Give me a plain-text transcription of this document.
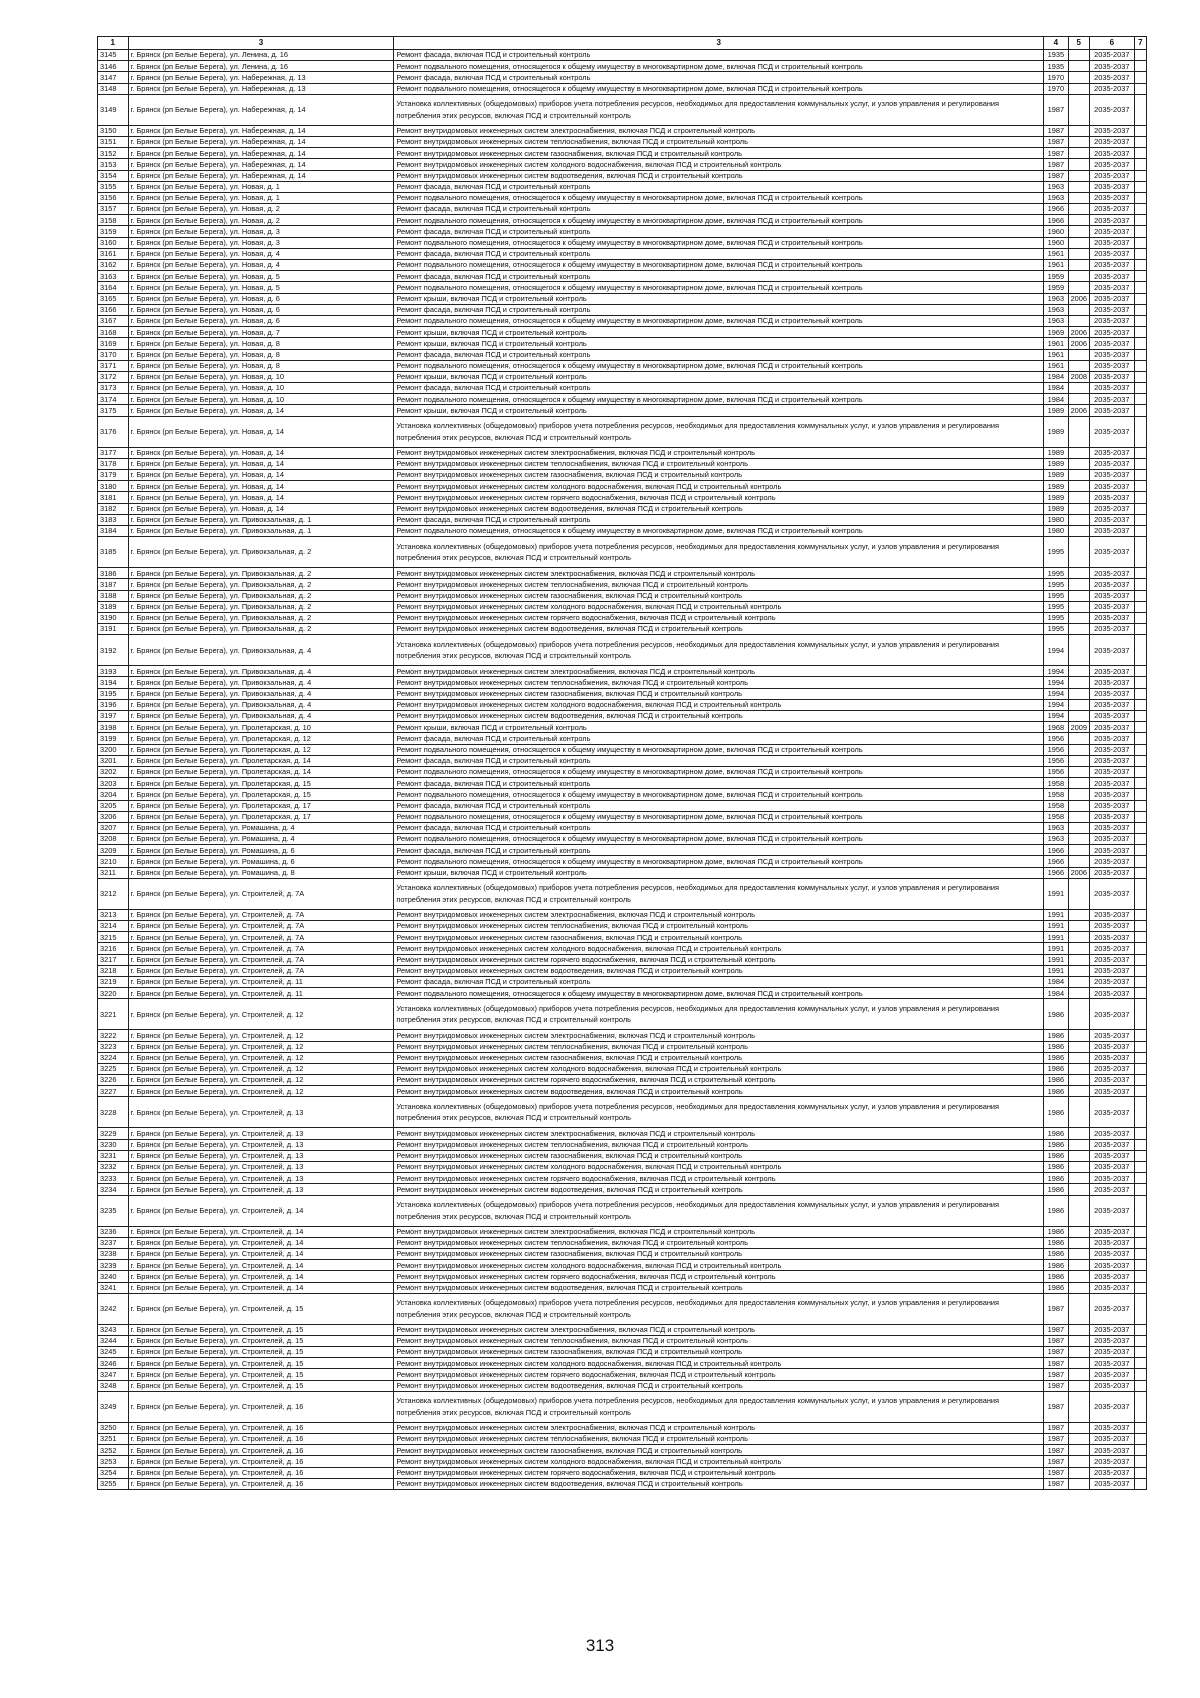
1	3	3	4	5	6	7
3145	г. Брянск (рп Белые Берега), ул. Ленина, д. 16	Ремонт фасада, включая ПСД и строительный контроль	1935		2035-2037	
3146	г. Брянск (рп Белые Берега), ул. Ленина, д. 16	Ремонт подвального помещения, относящегося к общему имуществу в многоквартирном доме, включая ПСД и строительный контроль	1935		2035-2037	
3147	г. Брянск (рп Белые Берега), ул. Набережная, д. 13	Ремонт фасада, включая ПСД и строительный контроль	1970		2035-2037	
3148	г. Брянск (рп Белые Берега), ул. Набережная, д. 13	Ремонт подвального помещения, относящегося к общему имуществу в многоквартирном доме, включая ПСД и строительный контроль	1970		2035-2037	
3149	г. Брянск (рп Белые Берега), ул. Набережная, д. 14	Установка коллективных (общедомовых) приборов учета потребления ресурсов, необходимых для предоставления коммунальных услуг, и узлов управления и регулирования потребления этих ресурсов, включая ПСД и строительный контроль	1987		2035-2037	
3150	г. Брянск (рп Белые Берега), ул. Набережная, д. 14	Ремонт внутридомовых инженерных систем электроснабжения, включая ПСД и строительный контроль	1987		2035-2037	
3151	г. Брянск (рп Белые Берега), ул. Набережная, д. 14	Ремонт внутридомовых инженерных систем теплоснабжения, включая ПСД и строительный контроль	1987		2035-2037	
3152	г. Брянск (рп Белые Берега), ул. Набережная, д. 14	Ремонт внутридомовых инженерных систем газоснабжения, включая ПСД и строительный контроль	1987		2035-2037	
3153	г. Брянск (рп Белые Берега), ул. Набережная, д. 14	Ремонт внутридомовых инженерных систем холодного водоснабжения, включая ПСД и строительный контроль	1987		2035-2037	
3154	г. Брянск (рп Белые Берега), ул. Набережная, д. 14	Ремонт внутридомовых инженерных систем водоотведения, включая ПСД и строительный контроль	1987		2035-2037	
3155	г. Брянск (рп Белые Берега), ул. Новая, д. 1	Ремонт фасада, включая ПСД и строительный контроль	1963		2035-2037	
3156	г. Брянск (рп Белые Берега), ул. Новая, д. 1	Ремонт подвального помещения, относящегося к общему имуществу в многоквартирном доме, включая ПСД и строительный контроль	1963		2035-2037	
3157	г. Брянск (рп Белые Берега), ул. Новая, д. 2	Ремонт фасада, включая ПСД и строительный контроль	1966		2035-2037	
3158	г. Брянск (рп Белые Берега), ул. Новая, д. 2	Ремонт подвального помещения, относящегося к общему имуществу в многоквартирном доме, включая ПСД и строительный контроль	1966		2035-2037	
3159	г. Брянск (рп Белые Берега), ул. Новая, д. 3	Ремонт фасада, включая ПСД и строительный контроль	1960		2035-2037	
3160	г. Брянск (рп Белые Берега), ул. Новая, д. 3	Ремонт подвального помещения, относящегося к общему имуществу в многоквартирном доме, включая ПСД и строительный контроль	1960		2035-2037	
3161	г. Брянск (рп Белые Берега), ул. Новая, д. 4	Ремонт фасада, включая ПСД и строительный контроль	1961		2035-2037	
3162	г. Брянск (рп Белые Берега), ул. Новая, д. 4	Ремонт подвального помещения, относящегося к общему имуществу в многоквартирном доме, включая ПСД и строительный контроль	1961		2035-2037	
3163	г. Брянск (рп Белые Берега), ул. Новая, д. 5	Ремонт фасада, включая ПСД и строительный контроль	1959		2035-2037	
3164	г. Брянск (рп Белые Берега), ул. Новая, д. 5	Ремонт подвального помещения, относящегося к общему имуществу в многоквартирном доме, включая ПСД и строительный контроль	1959		2035-2037	
3165	г. Брянск (рп Белые Берега), ул. Новая, д. 6	Ремонт крыши, включая ПСД и строительный контроль	1963	2006	2035-2037	
3166	г. Брянск (рп Белые Берега), ул. Новая, д. 6	Ремонт фасада, включая ПСД и строительный контроль	1963		2035-2037	
3167	г. Брянск (рп Белые Берега), ул. Новая, д. 6	Ремонт подвального помещения, относящегося к общему имуществу в многоквартирном доме, включая ПСД и строительный контроль	1963		2035-2037	
3168	г. Брянск (рп Белые Берега), ул. Новая, д. 7	Ремонт крыши, включая ПСД и строительный контроль	1969	2006	2035-2037	
3169	г. Брянск (рп Белые Берега), ул. Новая, д. 8	Ремонт крыши, включая ПСД и строительный контроль	1961	2006	2035-2037	
3170	г. Брянск (рп Белые Берега), ул. Новая, д. 8	Ремонт фасада, включая ПСД и строительный контроль	1961		2035-2037	
3171	г. Брянск (рп Белые Берега), ул. Новая, д. 8	Ремонт подвального помещения, относящегося к общему имуществу в многоквартирном доме, включая ПСД и строительный контроль	1961		2035-2037	
3172	г. Брянск (рп Белые Берега), ул. Новая, д. 10	Ремонт крыши, включая ПСД и строительный контроль	1984	2008	2035-2037	
3173	г. Брянск (рп Белые Берега), ул. Новая, д. 10	Ремонт фасада, включая ПСД и строительный контроль	1984		2035-2037	
3174	г. Брянск (рп Белые Берега), ул. Новая, д. 10	Ремонт подвального помещения, относящегося к общему имуществу в многоквартирном доме, включая ПСД и строительный контроль	1984		2035-2037	
3175	г. Брянск (рп Белые Берега), ул. Новая, д. 14	Ремонт крыши, включая ПСД и строительный контроль	1989	2006	2035-2037	
3176	г. Брянск (рп Белые Берега), ул. Новая, д. 14	Установка коллективных (общедомовых) приборов учета потребления ресурсов, необходимых для предоставления коммунальных услуг, и узлов управления и регулирования потребления этих ресурсов, включая ПСД и строительный контроль	1989		2035-2037	
3177	г. Брянск (рп Белые Берега), ул. Новая, д. 14	Ремонт внутридомовых инженерных систем электроснабжения, включая ПСД и строительный контроль	1989		2035-2037	
3178	г. Брянск (рп Белые Берега), ул. Новая, д. 14	Ремонт внутридомовых инженерных систем теплоснабжения, включая ПСД и строительный контроль	1989		2035-2037	
3179	г. Брянск (рп Белые Берега), ул. Новая, д. 14	Ремонт внутридомовых инженерных систем газоснабжения, включая ПСД и строительный контроль	1989		2035-2037	
3180	г. Брянск (рп Белые Берега), ул. Новая, д. 14	Ремонт внутридомовых инженерных систем холодного водоснабжения, включая ПСД и строительный контроль	1989		2035-2037	
3181	г. Брянск (рп Белые Берега), ул. Новая, д. 14	Ремонт внутридомовых инженерных систем горячего водоснабжения, включая ПСД и строительный контроль	1989		2035-2037	
3182	г. Брянск (рп Белые Берега), ул. Новая, д. 14	Ремонт внутридомовых инженерных систем водоотведения, включая ПСД и строительный контроль	1989		2035-2037	
3183	г. Брянск (рп Белые Берега), ул. Привокзальная, д. 1	Ремонт фасада, включая ПСД и строительный контроль	1980		2035-2037	
3184	г. Брянск (рп Белые Берега), ул. Привокзальная, д. 1	Ремонт подвального помещения, относящегося к общему имуществу в многоквартирном доме, включая ПСД и строительный контроль	1980		2035-2037	
3185	г. Брянск (рп Белые Берега), ул. Привокзальная, д. 2	Установка коллективных (общедомовых) приборов учета потребления ресурсов, необходимых для предоставления коммунальных услуг, и узлов управления и регулирования потребления этих ресурсов, включая ПСД и строительный контроль	1995		2035-2037	
3186	г. Брянск (рп Белые Берега), ул. Привокзальная, д. 2	Ремонт внутридомовых инженерных систем электроснабжения, включая ПСД и строительный контроль	1995		2035-2037	
3187	г. Брянск (рп Белые Берега), ул. Привокзальная, д. 2	Ремонт внутридомовых инженерных систем теплоснабжения, включая ПСД и строительный контроль	1995		2035-2037	
3188	г. Брянск (рп Белые Берега), ул. Привокзальная, д. 2	Ремонт внутридомовых инженерных систем газоснабжения, включая ПСД и строительный контроль	1995		2035-2037	
3189	г. Брянск (рп Белые Берега), ул. Привокзальная, д. 2	Ремонт внутридомовых инженерных систем холодного водоснабжения, включая ПСД и строительный контроль	1995		2035-2037	
3190	г. Брянск (рп Белые Берега), ул. Привокзальная, д. 2	Ремонт внутридомовых инженерных систем горячего водоснабжения, включая ПСД и строительный контроль	1995		2035-2037	
3191	г. Брянск (рп Белые Берега), ул. Привокзальная, д. 2	Ремонт внутридомовых инженерных систем водоотведения, включая ПСД и строительный контроль	1995		2035-2037	
3192	г. Брянск (рп Белые Берега), ул. Привокзальная, д. 4	Установка коллективных (общедомовых) приборов учета потребления ресурсов, необходимых для предоставления коммунальных услуг, и узлов управления и регулирования потребления этих ресурсов, включая ПСД и строительный контроль	1994		2035-2037	
3193	г. Брянск (рп Белые Берега), ул. Привокзальная, д. 4	Ремонт внутридомовых инженерных систем электроснабжения, включая ПСД и строительный контроль	1994		2035-2037	
3194	г. Брянск (рп Белые Берега), ул. Привокзальная, д. 4	Ремонт внутридомовых инженерных систем теплоснабжения, включая ПСД и строительный контроль	1994		2035-2037	
3195	г. Брянск (рп Белые Берега), ул. Привокзальная, д. 4	Ремонт внутридомовых инженерных систем газоснабжения, включая ПСД и строительный контроль	1994		2035-2037	
3196	г. Брянск (рп Белые Берега), ул. Привокзальная, д. 4	Ремонт внутридомовых инженерных систем холодного водоснабжения, включая ПСД и строительный контроль	1994		2035-2037	
3197	г. Брянск (рп Белые Берега), ул. Привокзальная, д. 4	Ремонт внутридомовых инженерных систем водоотведения, включая ПСД и строительный контроль	1994		2035-2037	
3198	г. Брянск (рп Белые Берега), ул. Пролетарская, д. 10	Ремонт крыши, включая ПСД и строительный контроль	1968	2009	2035-2037	
3199	г. Брянск (рп Белые Берега), ул. Пролетарская, д. 12	Ремонт фасада, включая ПСД и строительный контроль	1956		2035-2037	
3200	г. Брянск (рп Белые Берега), ул. Пролетарская, д. 12	Ремонт подвального помещения, относящегося к общему имуществу в многоквартирном доме, включая ПСД и строительный контроль	1956		2035-2037	
3201	г. Брянск (рп Белые Берега), ул. Пролетарская, д. 14	Ремонт фасада, включая ПСД и строительный контроль	1956		2035-2037	
3202	г. Брянск (рп Белые Берега), ул. Пролетарская, д. 14	Ремонт подвального помещения, относящегося к общему имуществу в многоквартирном доме, включая ПСД и строительный контроль	1956		2035-2037	
3203	г. Брянск (рп Белые Берега), ул. Пролетарская, д. 15	Ремонт фасада, включая ПСД и строительный контроль	1958		2035-2037	
3204	г. Брянск (рп Белые Берега), ул. Пролетарская, д. 15	Ремонт подвального помещения, относящегося к общему имуществу в многоквартирном доме, включая ПСД и строительный контроль	1958		2035-2037	
3205	г. Брянск (рп Белые Берега), ул. Пролетарская, д. 17	Ремонт фасада, включая ПСД и строительный контроль	1958		2035-2037	
3206	г. Брянск (рп Белые Берега), ул. Пролетарская, д. 17	Ремонт подвального помещения, относящегося к общему имуществу в многоквартирном доме, включая ПСД и строительный контроль	1958		2035-2037	
3207	г. Брянск (рп Белые Берега), ул. Ромашина, д. 4	Ремонт фасада, включая ПСД и строительный контроль	1963		2035-2037	
3208	г. Брянск (рп Белые Берега), ул. Ромашина, д. 4	Ремонт подвального помещения, относящегося к общему имуществу в многоквартирном доме, включая ПСД и строительный контроль	1963		2035-2037	
3209	г. Брянск (рп Белые Берега), ул. Ромашина, д. 6	Ремонт фасада, включая ПСД и строительный контроль	1966		2035-2037	
3210	г. Брянск (рп Белые Берега), ул. Ромашина, д. 6	Ремонт подвального помещения, относящегося к общему имуществу в многоквартирном доме, включая ПСД и строительный контроль	1966		2035-2037	
3211	г. Брянск (рп Белые Берега), ул. Ромашина, д. 8	Ремонт крыши, включая ПСД и строительный контроль	1966	2006	2035-2037	
3212	г. Брянск (рп Белые Берега), ул. Строителей, д. 7А	Установка коллективных (общедомовых) приборов учета потребления ресурсов, необходимых для предоставления коммунальных услуг, и узлов управления и регулирования потребления этих ресурсов, включая ПСД и строительный контроль	1991		2035-2037	
3213	г. Брянск (рп Белые Берега), ул. Строителей, д. 7А	Ремонт внутридомовых инженерных систем электроснабжения, включая ПСД и строительный контроль	1991		2035-2037	
3214	г. Брянск (рп Белые Берега), ул. Строителей, д. 7А	Ремонт внутридомовых инженерных систем теплоснабжения, включая ПСД и строительный контроль	1991		2035-2037	
3215	г. Брянск (рп Белые Берега), ул. Строителей, д. 7А	Ремонт внутридомовых инженерных систем газоснабжения, включая ПСД и строительный контроль	1991		2035-2037	
3216	г. Брянск (рп Белые Берега), ул. Строителей, д. 7А	Ремонт внутридомовых инженерных систем холодного водоснабжения, включая ПСД и строительный контроль	1991		2035-2037	
3217	г. Брянск (рп Белые Берега), ул. Строителей, д. 7А	Ремонт внутридомовых инженерных систем горячего водоснабжения, включая ПСД и строительный контроль	1991		2035-2037	
3218	г. Брянск (рп Белые Берега), ул. Строителей, д. 7А	Ремонт внутридомовых инженерных систем водоотведения, включая ПСД и строительный контроль	1991		2035-2037	
3219	г. Брянск (рп Белые Берега), ул. Строителей, д. 11	Ремонт фасада, включая ПСД и строительный контроль	1984		2035-2037	
3220	г. Брянск (рп Белые Берега), ул. Строителей, д. 11	Ремонт подвального помещения, относящегося к общему имуществу в многоквартирном доме, включая ПСД и строительный контроль	1984		2035-2037	
3221	г. Брянск (рп Белые Берега), ул. Строителей, д. 12	Установка коллективных (общедомовых) приборов учета потребления ресурсов, необходимых для предоставления коммунальных услуг, и узлов управления и регулирования потребления этих ресурсов, включая ПСД и строительный контроль	1986		2035-2037	
3222	г. Брянск (рп Белые Берега), ул. Строителей, д. 12	Ремонт внутридомовых инженерных систем электроснабжения, включая ПСД и строительный контроль	1986		2035-2037	
3223	г. Брянск (рп Белые Берега), ул. Строителей, д. 12	Ремонт внутридомовых инженерных систем теплоснабжения, включая ПСД и строительный контроль	1986		2035-2037	
3224	г. Брянск (рп Белые Берега), ул. Строителей, д. 12	Ремонт внутридомовых инженерных систем газоснабжения, включая ПСД и строительный контроль	1986		2035-2037	
3225	г. Брянск (рп Белые Берега), ул. Строителей, д. 12	Ремонт внутридомовых инженерных систем холодного водоснабжения, включая ПСД и строительный контроль	1986		2035-2037	
3226	г. Брянск (рп Белые Берега), ул. Строителей, д. 12	Ремонт внутридомовых инженерных систем горячего водоснабжения, включая ПСД и строительный контроль	1986		2035-2037	
3227	г. Брянск (рп Белые Берега), ул. Строителей, д. 12	Ремонт внутридомовых инженерных систем водоотведения, включая ПСД и строительный контроль	1986		2035-2037	
3228	г. Брянск (рп Белые Берега), ул. Строителей, д. 13	Установка коллективных (общедомовых) приборов учета потребления ресурсов, необходимых для предоставления коммунальных услуг, и узлов управления и регулирования потребления этих ресурсов, включая ПСД и строительный контроль	1986		2035-2037	
3229	г. Брянск (рп Белые Берега), ул. Строителей, д. 13	Ремонт внутридомовых инженерных систем электроснабжения, включая ПСД и строительный контроль	1986		2035-2037	
3230	г. Брянск (рп Белые Берега), ул. Строителей, д. 13	Ремонт внутридомовых инженерных систем теплоснабжения, включая ПСД и строительный контроль	1986		2035-2037	
3231	г. Брянск (рп Белые Берега), ул. Строителей, д. 13	Ремонт внутридомовых инженерных систем газоснабжения, включая ПСД и строительный контроль	1986		2035-2037	
3232	г. Брянск (рп Белые Берега), ул. Строителей, д. 13	Ремонт внутридомовых инженерных систем холодного водоснабжения, включая ПСД и строительный контроль	1986		2035-2037	
3233	г. Брянск (рп Белые Берега), ул. Строителей, д. 13	Ремонт внутридомовых инженерных систем горячего водоснабжения, включая ПСД и строительный контроль	1986		2035-2037	
3234	г. Брянск (рп Белые Берега), ул. Строителей, д. 13	Ремонт внутридомовых инженерных систем водоотведения, включая ПСД и строительный контроль	1986		2035-2037	
3235	г. Брянск (рп Белые Берега), ул. Строителей, д. 14	Установка коллективных (общедомовых) приборов учета потребления ресурсов, необходимых для предоставления коммунальных услуг, и узлов управления и регулирования потребления этих ресурсов, включая ПСД и строительный контроль	1986		2035-2037	
3236	г. Брянск (рп Белые Берега), ул. Строителей, д. 14	Ремонт внутридомовых инженерных систем электроснабжения, включая ПСД и строительный контроль	1986		2035-2037	
3237	г. Брянск (рп Белые Берега), ул. Строителей, д. 14	Ремонт внутридомовых инженерных систем теплоснабжения, включая ПСД и строительный контроль	1986		2035-2037	
3238	г. Брянск (рп Белые Берега), ул. Строителей, д. 14	Ремонт внутридомовых инженерных систем газоснабжения, включая ПСД и строительный контроль	1986		2035-2037	
3239	г. Брянск (рп Белые Берега), ул. Строителей, д. 14	Ремонт внутридомовых инженерных систем холодного водоснабжения, включая ПСД и строительный контроль	1986		2035-2037	
3240	г. Брянск (рп Белые Берега), ул. Строителей, д. 14	Ремонт внутридомовых инженерных систем горячего водоснабжения, включая ПСД и строительный контроль	1986		2035-2037	
3241	г. Брянск (рп Белые Берега), ул. Строителей, д. 14	Ремонт внутридомовых инженерных систем водоотведения, включая ПСД и строительный контроль	1986		2035-2037	
3242	г. Брянск (рп Белые Берега), ул. Строителей, д. 15	Установка коллективных (общедомовых) приборов учета потребления ресурсов, необходимых для предоставления коммунальных услуг, и узлов управления и регулирования потребления этих ресурсов, включая ПСД и строительный контроль	1987		2035-2037	
3243	г. Брянск (рп Белые Берега), ул. Строителей, д. 15	Ремонт внутридомовых инженерных систем электроснабжения, включая ПСД и строительный контроль	1987		2035-2037	
3244	г. Брянск (рп Белые Берега), ул. Строителей, д. 15	Ремонт внутридомовых инженерных систем теплоснабжения, включая ПСД и строительный контроль	1987		2035-2037	
3245	г. Брянск (рп Белые Берега), ул. Строителей, д. 15	Ремонт внутридомовых инженерных систем газоснабжения, включая ПСД и строительный контроль	1987		2035-2037	
3246	г. Брянск (рп Белые Берега), ул. Строителей, д. 15	Ремонт внутридомовых инженерных систем холодного водоснабжения, включая ПСД и строительный контроль	1987		2035-2037	
3247	г. Брянск (рп Белые Берега), ул. Строителей, д. 15	Ремонт внутридомовых инженерных систем горячего водоснабжения, включая ПСД и строительный контроль	1987		2035-2037	
3248	г. Брянск (рп Белые Берега), ул. Строителей, д. 15	Ремонт внутридомовых инженерных систем водоотведения, включая ПСД и строительный контроль	1987		2035-2037	
3249	г. Брянск (рп Белые Берега), ул. Строителей, д. 16	Установка коллективных (общедомовых) приборов учета потребления ресурсов, необходимых для предоставления коммунальных услуг, и узлов управления и регулирования потребления этих ресурсов, включая ПСД и строительный контроль	1987		2035-2037	
3250	г. Брянск (рп Белые Берега), ул. Строителей, д. 16	Ремонт внутридомовых инженерных систем электроснабжения, включая ПСД и строительный контроль	1987		2035-2037	
3251	г. Брянск (рп Белые Берега), ул. Строителей, д. 16	Ремонт внутридомовых инженерных систем теплоснабжения, включая ПСД и строительный контроль	1987		2035-2037	
3252	г. Брянск (рп Белые Берега), ул. Строителей, д. 16	Ремонт внутридомовых инженерных систем газоснабжения, включая ПСД и строительный контроль	1987		2035-2037	
3253	г. Брянск (рп Белые Берега), ул. Строителей, д. 16	Ремонт внутридомовых инженерных систем холодного водоснабжения, включая ПСД и строительный контроль	1987		2035-2037	
3254	г. Брянск (рп Белые Берега), ул. Строителей, д. 16	Ремонт внутридомовых инженерных систем горячего водоснабжения, включая ПСД и строительный контроль	1987		2035-2037	
3255	г. Брянск (рп Белые Берега), ул. Строителей, д. 16	Ремонт внутридомовых инженерных систем водоотведения, включая ПСД и строительный контроль	1987		2035-2037	
313
